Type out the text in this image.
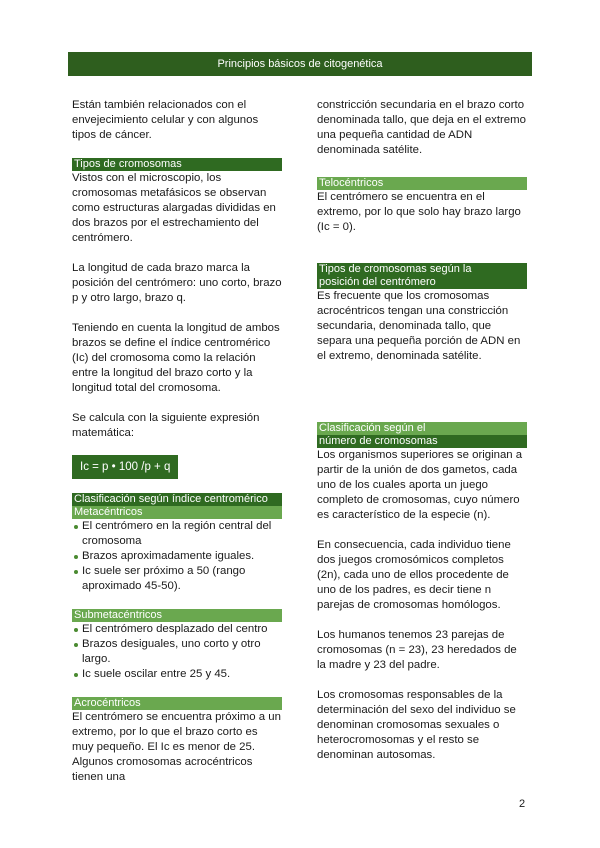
Principios básicos de citogenética

Están también relacionados con el envejecimiento celular y con algunos tipos de cáncer.

Tipos de cromosomas

Vistos con el microscopio, los cromosomas metafásicos se observan como estructuras alargadas divididas en dos brazos por el estrechamiento del centrómero.

La longitud de cada brazo marca la posición del centrómero: uno corto, brazo p y otro largo, brazo q.

Teniendo en cuenta la longitud de ambos brazos se define el índice centromérico (Ic) del cromosoma como la relación entre la longitud del brazo corto y la longitud total del cromosoma.

Se calcula con la siguiente expresión matemática:

Ic = p • 100 /p + q
Clasificación según índice centromérico
Metacéntricos
El centrómero en la región central del cromosoma
Brazos aproximadamente iguales.
Ic suele ser próximo a 50 (rango aproximado 45-50).
Submetacéntricos
El centrómero desplazado del centro
Brazos desiguales, uno corto y otro largo.
Ic suele oscilar entre 25 y 45.
Acrocéntricos

El centrómero se encuentra próximo a un extremo, por lo que el brazo corto es muy pequeño. El Ic es menor de 25. Algunos cromosomas acrocéntricos tienen una

constricción secundaria en el brazo corto denominada tallo, que deja en el extremo una pequeña cantidad de ADN denominada satélite.

Telocéntricos

El centrómero se encuentra en el extremo, por lo que solo hay brazo largo (Ic = 0).

Tipos de cromosomas según la
posición del centrómero

Es frecuente que los cromosomas acrocéntricos tengan una constricción secundaria, denominada tallo, que separa una pequeña porción de ADN en el extremo, denominada satélite.

Clasificación según el
número de cromosomas

Los organismos superiores se originan a partir de la unión de dos gametos, cada uno de los cuales aporta un juego completo de cromosomas, cuyo número es característico de la especie (n).

En consecuencia, cada individuo tiene dos juegos cromosómicos completos (2n), cada uno de ellos procedente de uno de los padres, es decir tiene n parejas de cromosomas homólogos.

Los humanos tenemos 23 parejas de cromosomas (n = 23), 23 heredados de la madre y 23 del padre.

Los cromosomas responsables de la determinación del sexo del individuo se denominan cromosomas sexuales o heterocromosomas y el resto se denominan autosomas.

2
